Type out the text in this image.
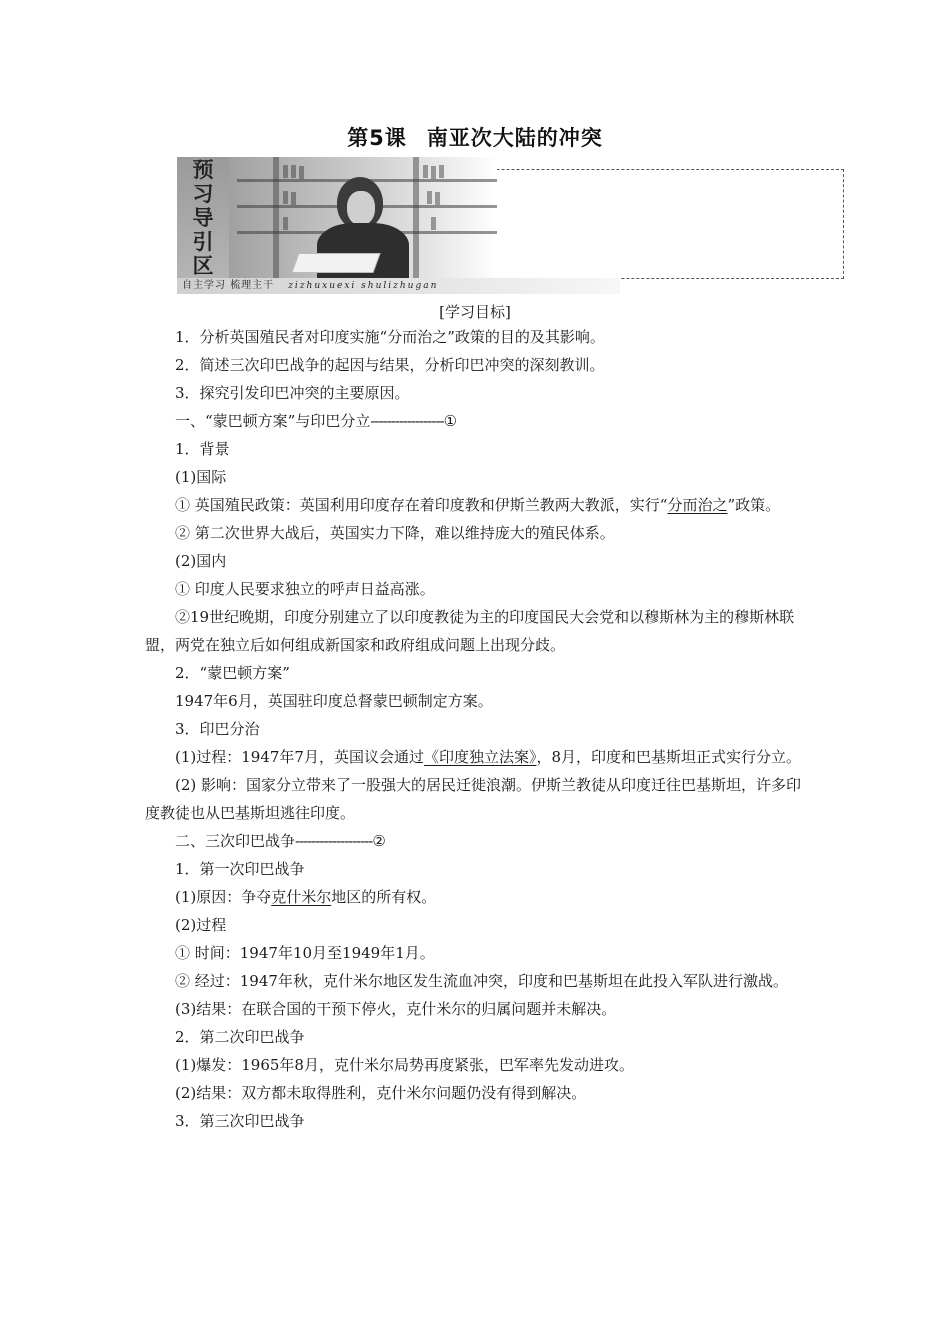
第5课 南亚次大陆的冲突
预
习
导
引
区
自主学习 梳理主干 zizhuxuexi shulizhugan
[学习目标]

1．分析英国殖民者对印度实施“分而治之”政策的目的及其影响。

2．简述三次印巴战争的起因与结果，分析印巴冲突的深刻教训。

3．探究引发印巴冲突的主要原因。

一、“蒙巴顿方案”与印巴分立------------------①

1．背景

(1)国际

① 英国殖民政策：英国利用印度存在着印度教和伊斯兰教两大教派，实行“分而治之”政策。

② 第二次世界大战后，英国实力下降，难以维持庞大的殖民体系。

(2)国内

① 印度人民要求独立的呼声日益高涨。

②19世纪晚期，印度分别建立了以印度教徒为主的印度国民大会党和以穆斯林为主的穆斯林联盟，两党在独立后如何组成新国家和政府组成问题上出现分歧。

2．“蒙巴顿方案”

1947年6月，英国驻印度总督蒙巴顿制定方案。

3．印巴分治

(1)过程：1947年7月，英国议会通过《印度独立法案》，8月，印度和巴基斯坦正式实行分立。

(2) 影响：国家分立带来了一股强大的居民迁徙浪潮。伊斯兰教徒从印度迁往巴基斯坦，许多印度教徒也从巴基斯坦逃往印度。

二、三次印巴战争-------------------②

1．第一次印巴战争

(1)原因：争夺克什米尔地区的所有权。

(2)过程

① 时间：1947年10月至1949年1月。

② 经过：1947年秋，克什米尔地区发生流血冲突，印度和巴基斯坦在此投入军队进行激战。

(3)结果：在联合国的干预下停火，克什米尔的归属问题并未解决。

2．第二次印巴战争

(1)爆发：1965年8月，克什米尔局势再度紧张，巴军率先发动进攻。

(2)结果：双方都未取得胜利，克什米尔问题仍没有得到解决。

3．第三次印巴战争
